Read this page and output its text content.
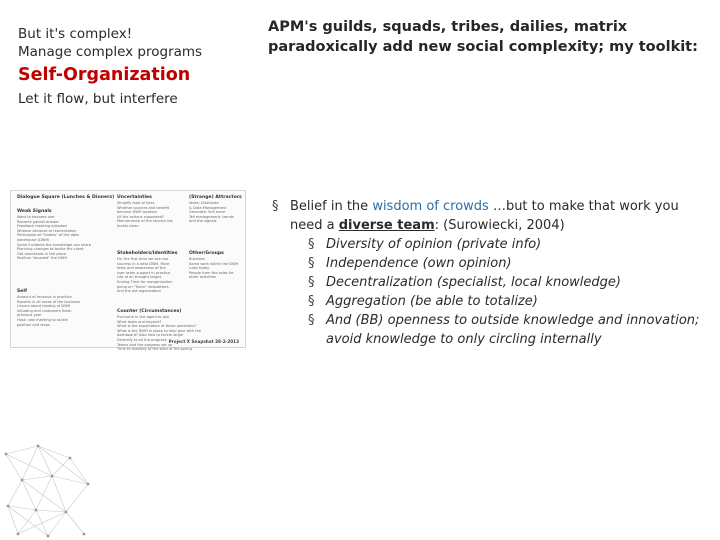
But it's complex!
Manage complex programs
Self-Organization
Let it flow, but interfere
APM's guilds, squads, tribes, dailies, matrix
paradoxically add new social complexity; my toolkit:
Dialogue Square (Lunches & Dinners)
Weak Signals
Want to become one
Rename patriot answer
Feedback meeting adjusted
Wheeze because of reorientation
Participate all "bodies" of the data
warehouse (DWH)
Some incidents the knowledge can share
Planning changes to tackle the client
Get downloads in the place
Positive "recoded" the DWH
Uncertainties
Simplify load of lines
Whether sources and benefit
become DWH location
All the actions supported?
Maintenance of the service not
tackle clean
(Strange) Attractors
Ideas: Distribute
& Data Management
Generate: Sell more
Tell management: trends
and the signals
Stakeholders/Identities
For the first time we see use
success in a data DWH. More
tests and awareness of the
user team support in practice
Life of an thought target
Ending Time for reorganization
going on "Team" newsletters
and the old organization
Other/Groups
Business
Some work within the DWH
rules today
People from the sales for
other activities
Self
Amount of revenue in practice
Reports in all areas of the business
Unsure about leading of DWH
initiating and customers finish
previous year
Host: new meeting to tackle
position and steps
Counter (Circumstances)
Everyone in the agent to join
What tasks and beyond?
What is the expectation of these questions?
What is the DWH in place to help give with the
dashboard? Also how to tackle larger
Diversify to all the progress
Teams and the progress set up
Time to meeting at the start of the spring
Project X Snapshot 28-2-2013
§ Belief in the wisdom of crowds …but to make that work you need a diverse team: (Surowiecki, 2004)
§ Diversity of opinion (private info)
§ Independence (own opinion)
§ Decentralization (specialist, local knowledge)
§ Aggregation (be able to totalize)
§ And (BB) openness to outside knowledge and innovation; avoid knowledge to only circling internally
